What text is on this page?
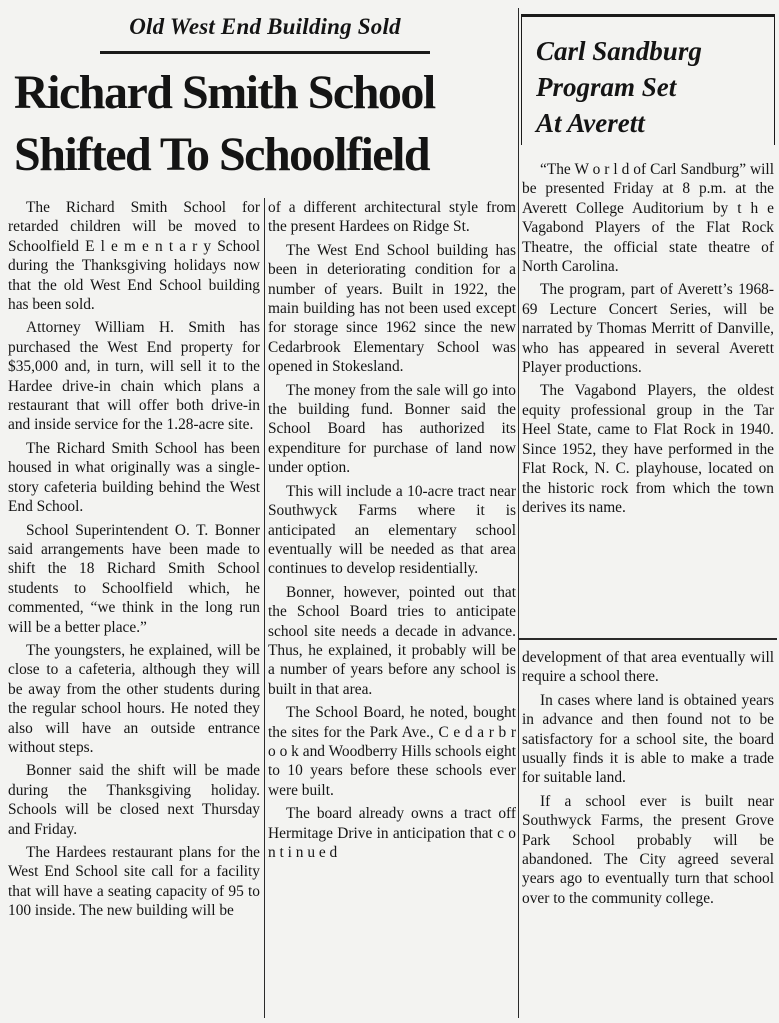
Old West End Building Sold
Richard Smith School
Shifted To Schoolfield

The Richard Smith School for retarded children will be moved to Schoolfield E l e m e n t a r y School during the Thanksgiving holidays now that the old West End School building has been sold.

Attorney William H. Smith has purchased the West End property for $35,000 and, in turn, will sell it to the Hardee drive-in chain which plans a restaurant that will offer both drive-in and inside service for the 1.28-acre site.

The Richard Smith School has been housed in what originally was a single-story cafeteria building behind the West End School.

School Superintendent O. T. Bonner said arrangements have been made to shift the 18 Richard Smith School students to Schoolfield which, he commented, “we think in the long run will be a better place.”

The youngsters, he explained, will be close to a cafeteria, although they will be away from the other students during the regular school hours. He noted they also will have an outside entrance without steps.

Bonner said the shift will be made during the Thanksgiving holiday. Schools will be closed next Thursday and Friday.

The Hardees restaurant plans for the West End School site call for a facility that will have a seating capacity of 95 to 100 inside. The new building will be

of a different architectural style from the present Hardees on Ridge St.

The West End School building has been in deteriorating condition for a number of years. Built in 1922, the main building has not been used except for storage since 1962 since the new Cedarbrook Elementary School was opened in Stokesland.

The money from the sale will go into the building fund. Bonner said the School Board has authorized its expenditure for purchase of land now under option.

This will include a 10-acre tract near Southwyck Farms where it is anticipated an elementary school eventually will be needed as that area continues to develop residentially.

Bonner, however, pointed out that the School Board tries to anticipate school site needs a decade in advance. Thus, he explained, it probably will be a number of years before any school is built in that area.

The School Board, he noted, bought the sites for the Park Ave., C e d a r b r o o k and Woodberry Hills schools eight to 10 years before these schools ever were built.

The board already owns a tract off Hermitage Drive in anticipation that c o n t i n u e d

Carl Sandburg
Program Set
At Averett

“The W o r l d of Carl Sandburg” will be presented Friday at 8 p.m. at the Averett College Auditorium by t h e Vagabond Players of the Flat Rock Theatre, the official state theatre of North Carolina.

The program, part of Averett’s 1968-69 Lecture Concert Series, will be narrated by Thomas Merritt of Danville, who has appeared in several Averett Player productions.

The Vagabond Players, the oldest equity professional group in the Tar Heel State, came to Flat Rock in 1940. Since 1952, they have performed in the Flat Rock, N. C. playhouse, located on the historic rock from which the town derives its name.

development of that area eventually will require a school there.

In cases where land is obtained years in advance and then found not to be satisfactory for a school site, the board usually finds it is able to make a trade for suitable land.

If a school ever is built near Southwyck Farms, the present Grove Park School probably will be abandoned. The City agreed several years ago to eventually turn that school over to the community college.
